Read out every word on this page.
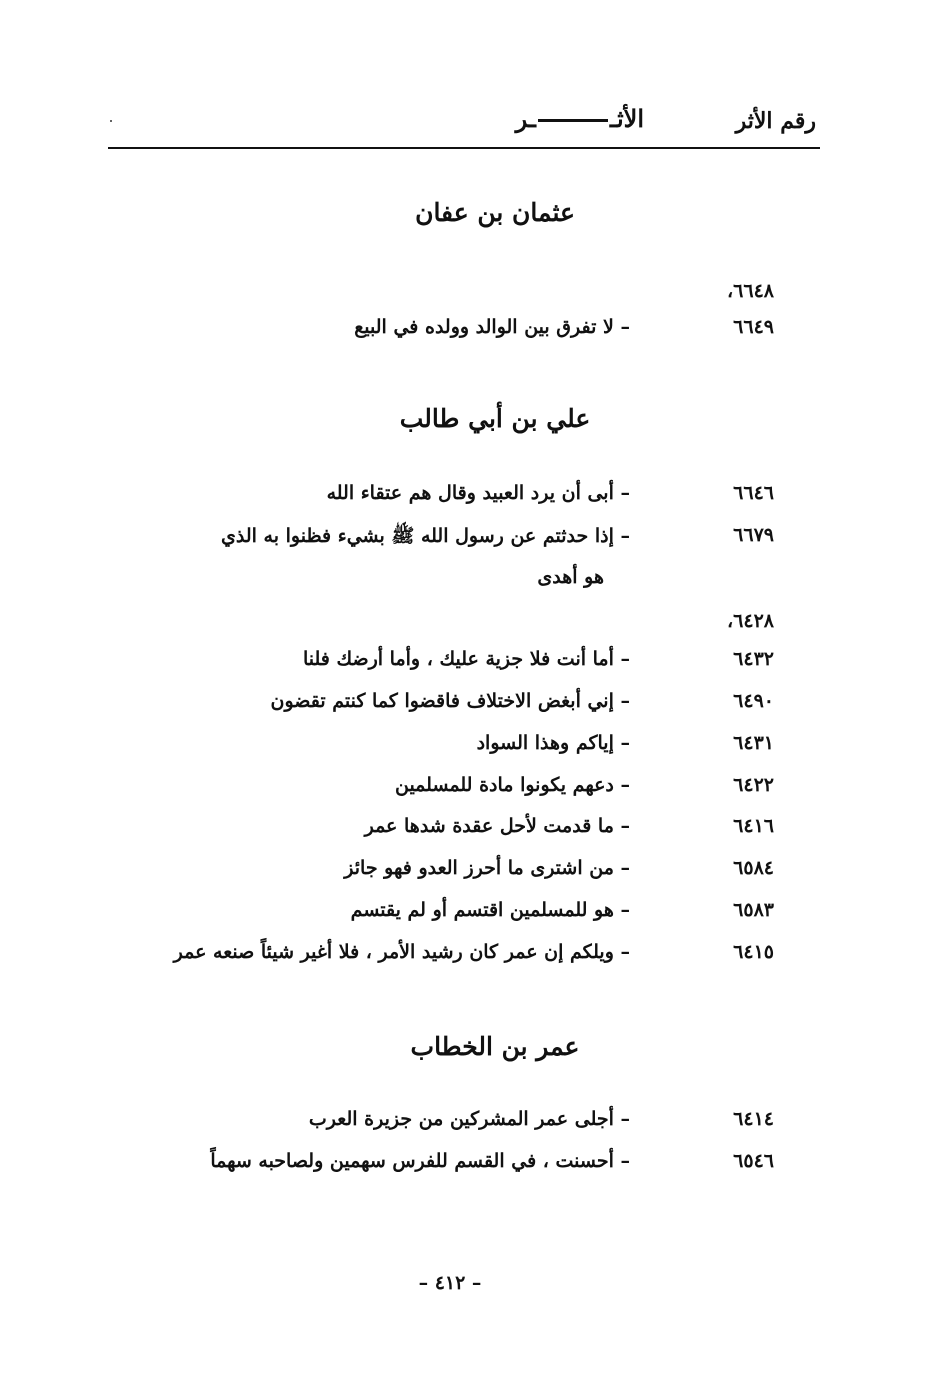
رقم الأثر
الأثــر
عثمان بن عفان
٦٦٤٨،
٦٦٤٩
– لا تفرق بين الوالد وولده في البيع
علي بن أبي طالب
٦٦٤٦
– أبى أن يرد العبيد وقال هم عتقاء الله
٦٦٧٩
– إذا حدثتم عن رسول الله ﷺ بشيء فظنوا به الذي
هو أهدى
٦٤٢٨،
٦٤٣٢
– أما أنت فلا جزية عليك ، وأما أرضك فلنا
٦٤٩٠
– إني أبغض الاختلاف فاقضوا كما كنتم تقضون
٦٤٣١
– إياكم وهذا السواد
٦٤٢٢
– دعهم يكونوا مادة للمسلمين
٦٤١٦
– ما قدمت لأحل عقدة شدها عمر
٦٥٨٤
– من اشترى ما أحرز العدو فهو جائز
٦٥٨٣
– هو للمسلمين اقتسم أو لم يقتسم
٦٤١٥
– ويلكم إن عمر كان رشيد الأمر ، فلا أغير شيئاً صنعه عمر
عمر بن الخطاب
٦٤١٤
– أجلى عمر المشركين من جزيرة العرب
٦٥٤٦
– أحسنت ، في القسم للفرس سهمين ولصاحبه سهماً
– ٤١٢ –
